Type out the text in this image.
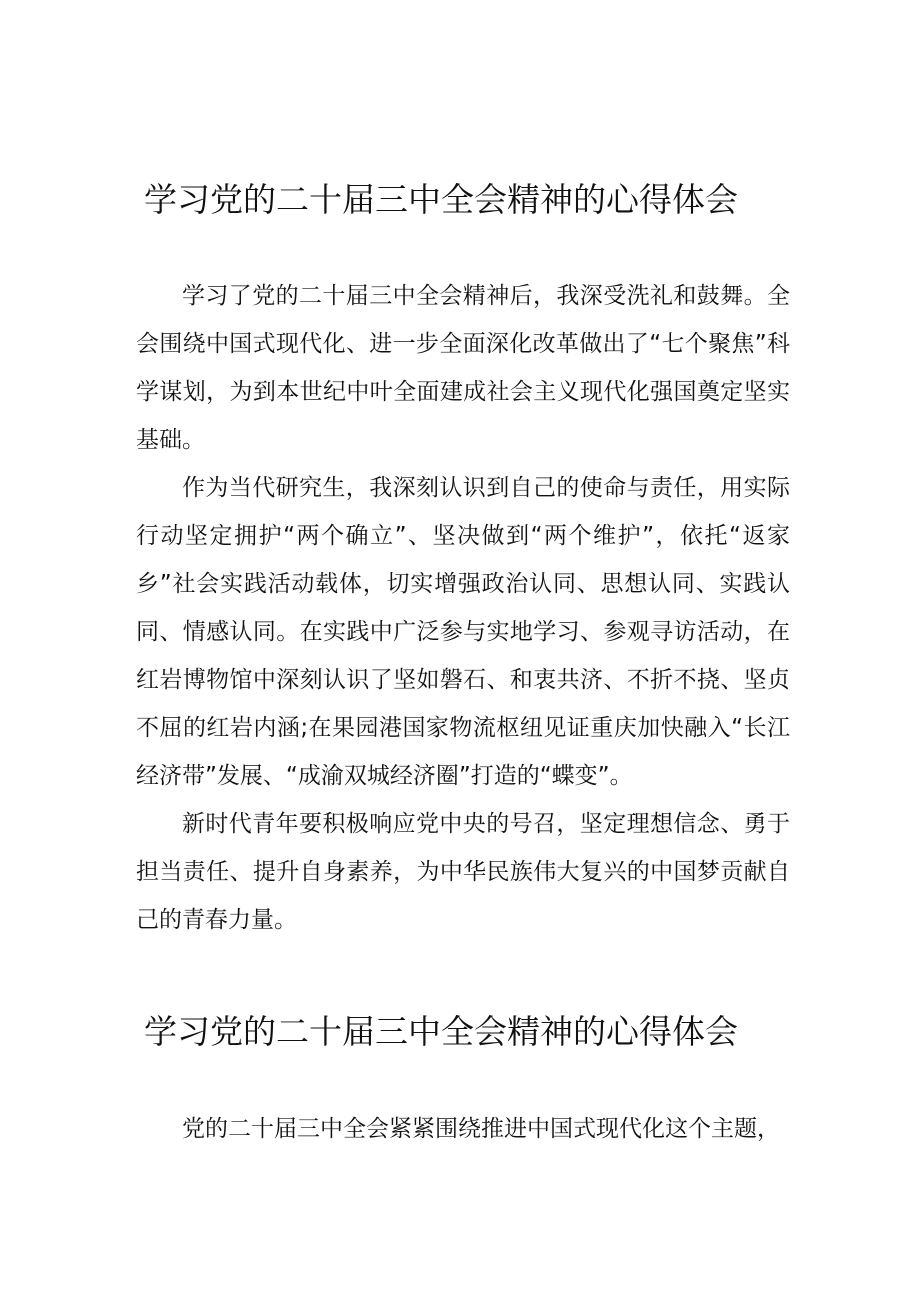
学习党的二十届三中全会精神的心得体会

学习了党的二十届三中全会精神后，我深受洗礼和鼓舞。全会围绕中国式现代化、进一步全面深化改革做出了“七个聚焦”科学谋划，为到本世纪中叶全面建成社会主义现代化强国奠定坚实基础。

作为当代研究生，我深刻认识到自己的使命与责任，用实际行动坚定拥护“两个确立”、坚决做到“两个维护”，依托“返家乡”社会实践活动载体，切实增强政治认同、思想认同、实践认同、情感认同。在实践中广泛参与实地学习、参观寻访活动，在红岩博物馆中深刻认识了坚如磐石、和衷共济、不折不挠、坚贞不屈的红岩内涵;在果园港国家物流枢纽见证重庆加快融入“长江经济带”发展、“成渝双城经济圈”打造的“蝶变”。

新时代青年要积极响应党中央的号召，坚定理想信念、勇于担当责任、提升自身素养，为中华民族伟大复兴的中国梦贡献自己的青春力量。

学习党的二十届三中全会精神的心得体会

党的二十届三中全会紧紧围绕推进中国式现代化这个主题，
